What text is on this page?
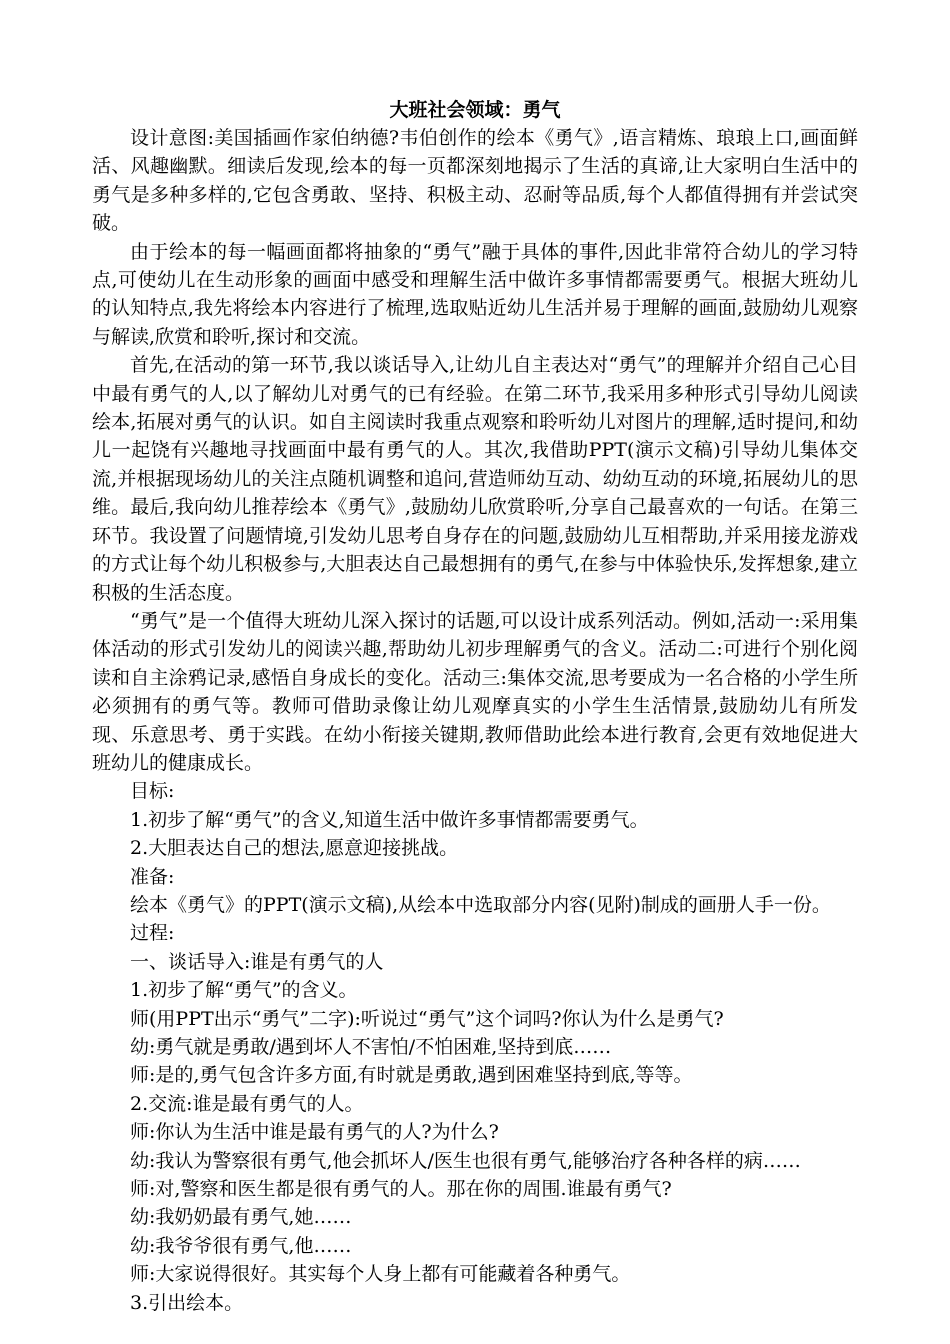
大班社会领域：勇气

设计意图:美国插画作家伯纳德?韦伯创作的绘本《勇气》,语言精炼、琅琅上口,画面鲜活、风趣幽默。细读后发现,绘本的每一页都深刻地揭示了生活的真谛,让大家明白生活中的勇气是多种多样的,它包含勇敢、坚持、积极主动、忍耐等品质,每个人都值得拥有并尝试突破。

由于绘本的每一幅画面都将抽象的“勇气”融于具体的事件,因此非常符合幼儿的学习特点,可使幼儿在生动形象的画面中感受和理解生活中做许多事情都需要勇气。根据大班幼儿的认知特点,我先将绘本内容进行了梳理,选取贴近幼儿生活并易于理解的画面,鼓励幼儿观察与解读,欣赏和聆听,探讨和交流。

首先,在活动的第一环节,我以谈话导入,让幼儿自主表达对“勇气”的理解并介绍自己心目中最有勇气的人,以了解幼儿对勇气的已有经验。在第二环节,我采用多种形式引导幼儿阅读绘本,拓展对勇气的认识。如自主阅读时我重点观察和聆听幼儿对图片的理解,适时提问,和幼儿一起饶有兴趣地寻找画面中最有勇气的人。其次,我借助PPT(演示文稿)引导幼儿集体交流,并根据现场幼儿的关注点随机调整和追问,营造师幼互动、幼幼互动的环境,拓展幼儿的思维。最后,我向幼儿推荐绘本《勇气》,鼓励幼儿欣赏聆听,分享自己最喜欢的一句话。在第三环节。我设置了问题情境,引发幼儿思考自身存在的问题,鼓励幼儿互相帮助,并采用接龙游戏的方式让每个幼儿积极参与,大胆表达自己最想拥有的勇气,在参与中体验快乐,发挥想象,建立积极的生活态度。

“勇气”是一个值得大班幼儿深入探讨的话题,可以设计成系列活动。例如,活动一:采用集体活动的形式引发幼儿的阅读兴趣,帮助幼儿初步理解勇气的含义。活动二:可进行个别化阅读和自主涂鸦记录,感悟自身成长的变化。活动三:集体交流,思考要成为一名合格的小学生所必须拥有的勇气等。教师可借助录像让幼儿观摩真实的小学生生活情景,鼓励幼儿有所发现、乐意思考、勇于实践。在幼小衔接关键期,教师借助此绘本进行教育,会更有效地促进大班幼儿的健康成长。

目标:

1.初步了解“勇气”的含义,知道生活中做许多事情都需要勇气。

2.大胆表达自己的想法,愿意迎接挑战。

准备:

绘本《勇气》的PPT(演示文稿),从绘本中选取部分内容(见附)制成的画册人手一份。

过程:

一、谈话导入:谁是有勇气的人

1.初步了解“勇气”的含义。

师(用PPT出示“勇气”二字):听说过“勇气”这个词吗?你认为什么是勇气?

幼:勇气就是勇敢/遇到坏人不害怕/不怕困难,坚持到底……

师:是的,勇气包含许多方面,有时就是勇敢,遇到困难坚持到底,等等。

2.交流:谁是最有勇气的人。

师:你认为生活中谁是最有勇气的人?为什么?

幼:我认为警察很有勇气,他会抓坏人/医生也很有勇气,能够治疗各种各样的病……

师:对,警察和医生都是很有勇气的人。那在你的周围.谁最有勇气?

幼:我奶奶最有勇气,她……

幼:我爷爷很有勇气,他……

师:大家说得很好。其实每个人身上都有可能藏着各种勇气。

3.引出绘本。
